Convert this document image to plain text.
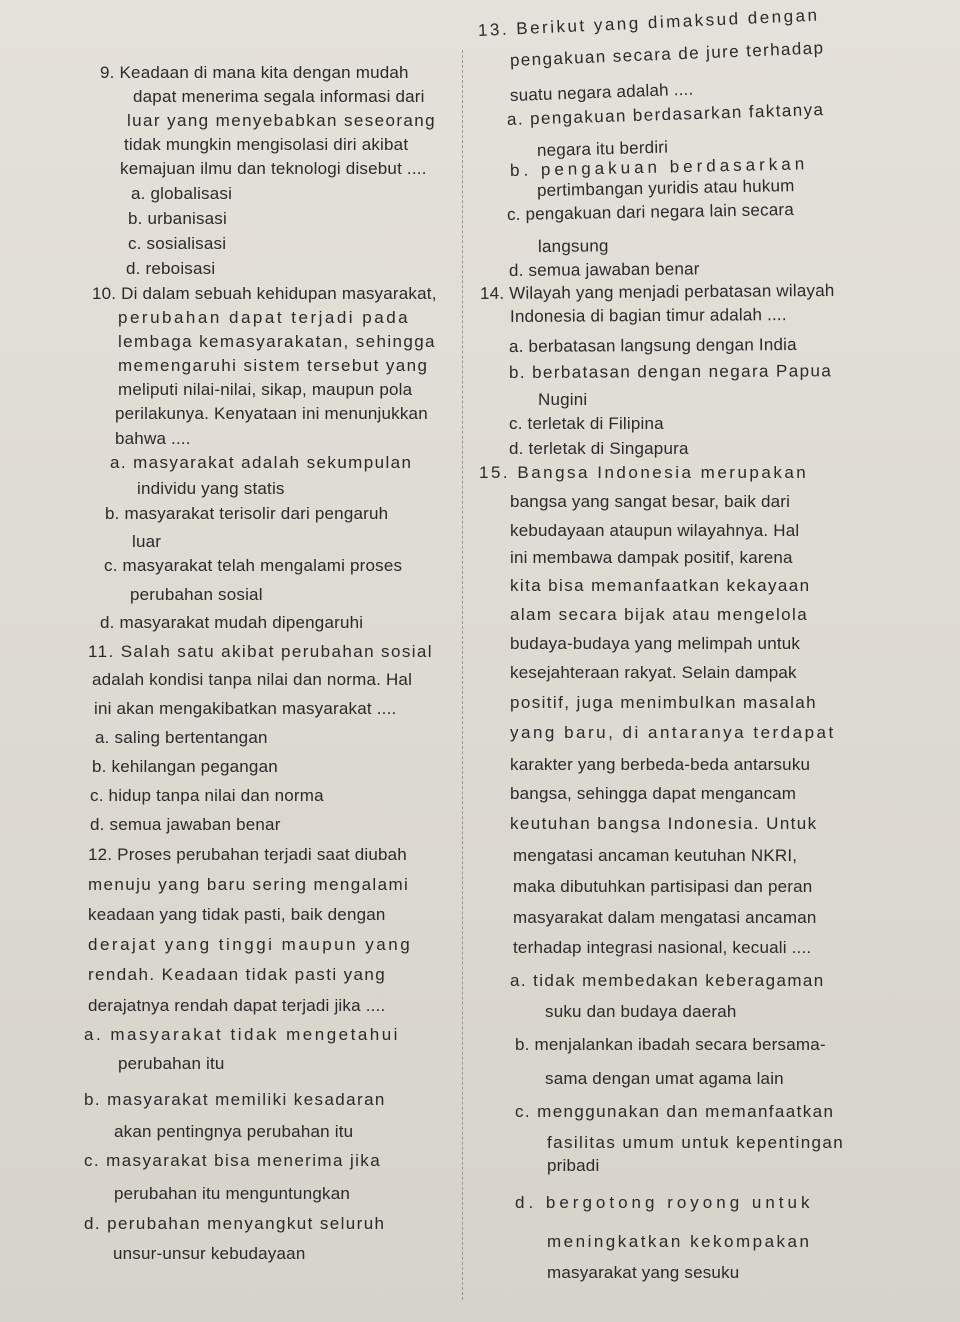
9. Keadaan di mana kita dengan mudah
dapat menerima segala informasi dari
luar yang menyebabkan seseorang
tidak mungkin mengisolasi diri akibat
kemajuan ilmu dan teknologi disebut ....
a. globalisasi
b. urbanisasi
c. sosialisasi
d. reboisasi
10. Di dalam sebuah kehidupan masyarakat,
perubahan dapat terjadi pada
lembaga kemasyarakatan, sehingga
memengaruhi sistem tersebut yang
meliputi nilai-nilai, sikap, maupun pola
perilakunya. Kenyataan ini menunjukkan
bahwa ....
a. masyarakat adalah sekumpulan
individu yang statis
b. masyarakat terisolir dari pengaruh
luar
c. masyarakat telah mengalami proses
perubahan sosial
d. masyarakat mudah dipengaruhi
11. Salah satu akibat perubahan sosial
adalah kondisi tanpa nilai dan norma. Hal
ini akan mengakibatkan masyarakat ....
a. saling bertentangan
b. kehilangan pegangan
c. hidup tanpa nilai dan norma
d. semua jawaban benar
12. Proses perubahan terjadi saat diubah
menuju yang baru sering mengalami
keadaan yang tidak pasti, baik dengan
derajat yang tinggi maupun yang
rendah. Keadaan tidak pasti yang
derajatnya rendah dapat terjadi jika ....
a. masyarakat tidak mengetahui
perubahan itu
b. masyarakat memiliki kesadaran
akan pentingnya perubahan itu
c. masyarakat bisa menerima jika
perubahan itu menguntungkan
d. perubahan menyangkut seluruh
unsur-unsur kebudayaan
13. Berikut yang dimaksud dengan
pengakuan secara de jure terhadap
suatu negara adalah ....
a. pengakuan berdasarkan faktanya
negara itu berdiri
b. pengakuan berdasarkan
pertimbangan yuridis atau hukum
c. pengakuan dari negara lain secara
langsung
d. semua jawaban benar
14. Wilayah yang menjadi perbatasan wilayah
Indonesia di bagian timur adalah ....
a. berbatasan langsung dengan India
b. berbatasan dengan negara Papua
Nugini
c. terletak di Filipina
d. terletak di Singapura
15. Bangsa Indonesia merupakan
bangsa yang sangat besar, baik dari
kebudayaan ataupun wilayahnya. Hal
ini membawa dampak positif, karena
kita bisa memanfaatkan kekayaan
alam secara bijak atau mengelola
budaya-budaya yang melimpah untuk
kesejahteraan rakyat. Selain dampak
positif, juga menimbulkan masalah
yang baru, di antaranya terdapat
karakter yang berbeda-beda antarsuku
bangsa, sehingga dapat mengancam
keutuhan bangsa Indonesia. Untuk
mengatasi ancaman keutuhan NKRI,
maka dibutuhkan partisipasi dan peran
masyarakat dalam mengatasi ancaman
terhadap integrasi nasional, kecuali ....
a. tidak membedakan keberagaman
suku dan budaya daerah
b. menjalankan ibadah secara bersama-
sama dengan umat agama lain
c. menggunakan dan memanfaatkan
fasilitas umum untuk kepentingan
pribadi
d. bergotong royong untuk
meningkatkan kekompakan
masyarakat yang sesuku
